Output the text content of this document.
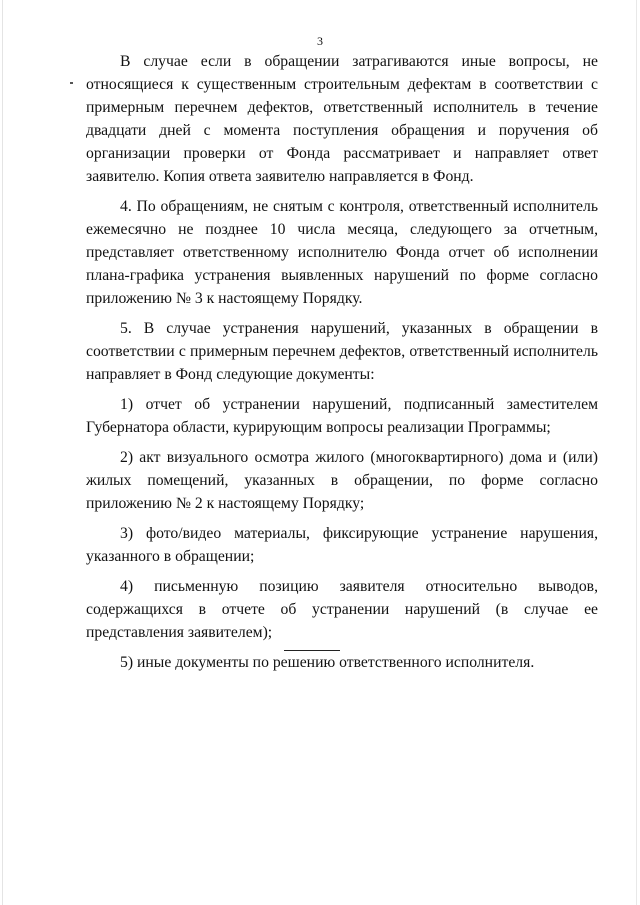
3

В случае если в обращении затрагиваются иные вопросы, не относящиеся к существенным строительным дефектам в соответствии с примерным перечнем дефектов, ответственный исполнитель в течение двадцати дней с момента поступления обращения и поручения об организации проверки от Фонда рассматривает и направляет ответ заявителю. Копия ответа заявителю направляется в Фонд.

4. По обращениям, не снятым с контроля, ответственный исполнитель ежемесячно не позднее 10 числа месяца, следующего за отчетным, представляет ответственному исполнителю Фонда отчет об исполнении плана-графика устранения выявленных нарушений по форме согласно приложению № 3 к настоящему Порядку.

5. В случае устранения нарушений, указанных в обращении в соответствии с примерным перечнем дефектов, ответственный исполнитель направляет в Фонд следующие документы:

1) отчет об устранении нарушений, подписанный заместителем Губернатора области, курирующим вопросы реализации Программы;

2) акт визуального осмотра жилого (многоквартирного) дома и (или) жилых помещений, указанных в обращении, по форме согласно приложению № 2 к настоящему Порядку;

3) фото/видео материалы, фиксирующие устранение нарушения, указанного в обращении;

4) письменную позицию заявителя относительно выводов, содержащихся в отчете об устранении нарушений (в случае ее представления заявителем);

5) иные документы по решению ответственного исполнителя.
